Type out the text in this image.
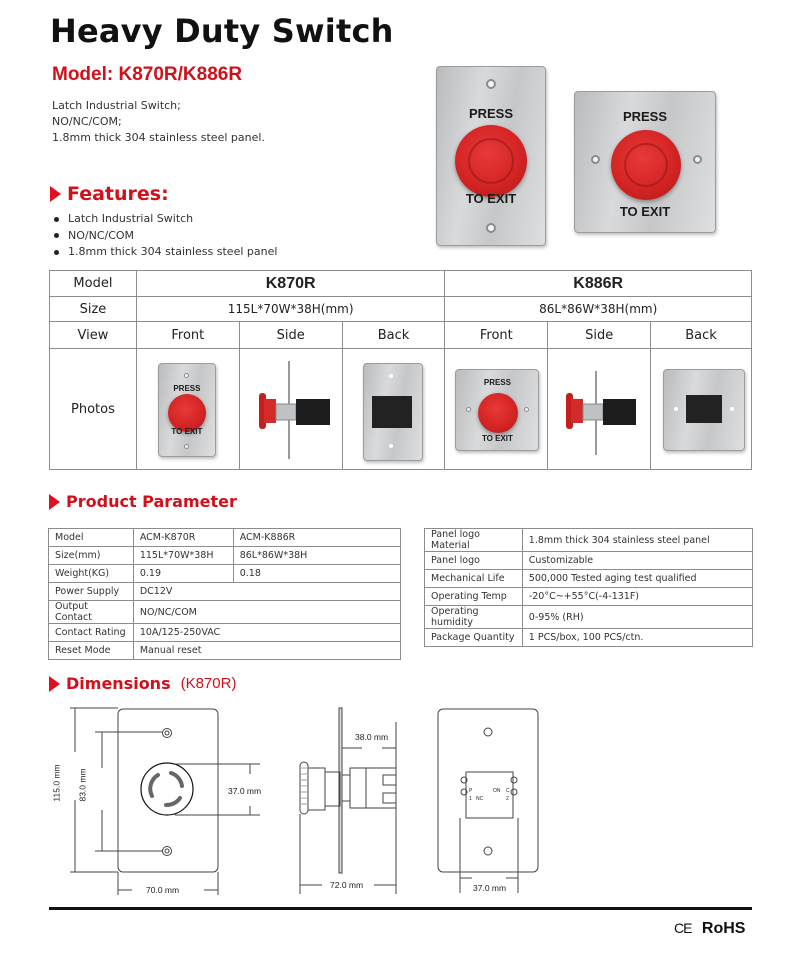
Heavy Duty Switch
Model: K870R/K886R
Latch Industrial Switch;
NO/NC/COM;
1.8mm thick 304 stainless steel panel.
PRESS
TO EXIT
PRESS
TO EXIT
Features:
Latch Industrial Switch
NO/NC/COM
1.8mm thick 304 stainless steel panel
Model	K870R			K886R		
Size	115L*70W*38H(mm)			86L*86W*38H(mm)		
View	Front	Side	Back	Front	Side	Back
Photos	
PRESS
TO EXIT

PRESS
TO EXIT

Product Parameter
Model	ACM-K870R	ACM-K886R
Size(mm)	115L*70W*38H	86L*86W*38H
Weight(KG)	0.19	0.18
Power Supply	DC12V	
Output Contact	NO/NC/COM	
Contact Rating	10A/125-250VAC	
Reset Mode	Manual reset	
Panel logo Material	1.8mm thick 304 stainless steel panel
Panel logo	Customizable
Mechanical Life	500,000 Tested aging test qualified
Operating Temp	-20°C~+55°C(-4-131F)
Operating humidity	0-95% (RH)
Package Quantity	1 PCS/box, 100 PCS/ctn.
Dimensions (K870R)
115.0 mm 83.0 mm	37.0 mm
70.0 mm
38.0 mm
72.0 mm
P	ON C
1 NC	2
37.0 mm
CE RoHS
